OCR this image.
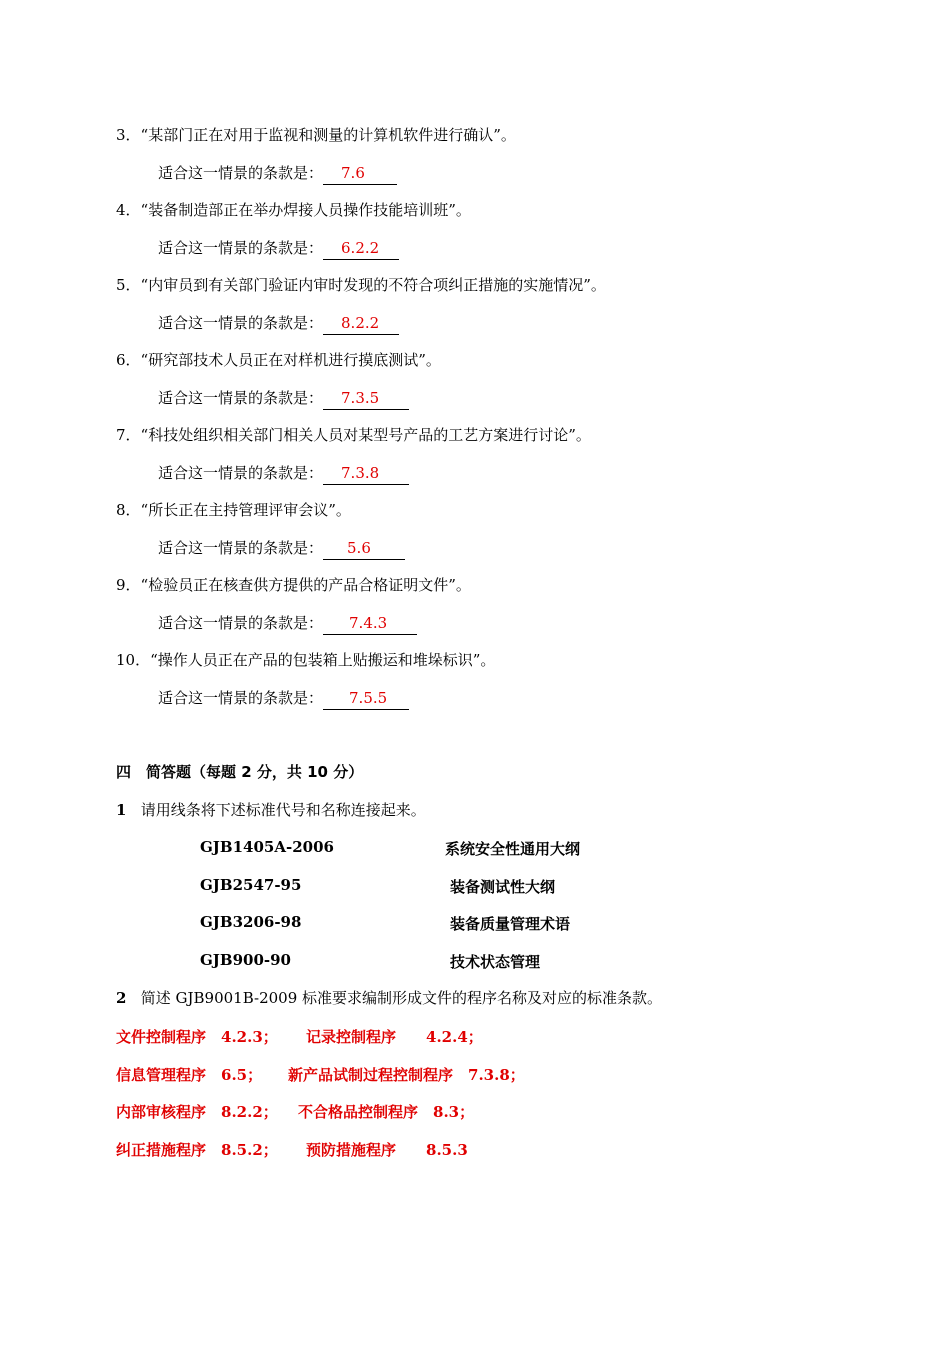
3．“某部门正在对用于监视和测量的计算机软件进行确认”。
适合这一情景的条款是： 7.6
4．“装备制造部正在举办焊接人员操作技能培训班”。
适合这一情景的条款是： 6.2.2
5．“内审员到有关部门验证内审时发现的不符合项纠正措施的实施情况”。
适合这一情景的条款是： 8.2.2
6．“研究部技术人员正在对样机进行摸底测试”。
适合这一情景的条款是： 7.3.5
7．“科技处组织相关部门相关人员对某型号产品的工艺方案进行讨论”。
适合这一情景的条款是： 7.3.8
8．“所长正在主持管理评审会议”。
适合这一情景的条款是： 5.6
9．“检验员正在核查供方提供的产品合格证明文件”。
适合这一情景的条款是： 7.4.3
10．“操作人员正在产品的包装箱上贴搬运和堆垛标识”。
适合这一情景的条款是： 7.5.5
四　简答题（每题 2 分，共 10 分）
1 请用线条将下述标准代号和名称连接起来。
GJB1405A-2006	系统安全性通用大纲
GJB2547-95	装备测试性大纲
GJB3206-98	装备质量管理术语
GJB900-90	技术状态管理
2 简述 GJB9001B-2009 标准要求编制形成文件的程序名称及对应的标准条款。
文件控制程序　4.2.3； 记录控制程序　　4.2.4；
信息管理程序　6.5； 新产品试制过程控制程序　7.3.8；
内部审核程序　8.2.2； 不合格品控制程序　8.3；
纠正措施程序　8.5.2； 预防措施程序　　8.5.3
